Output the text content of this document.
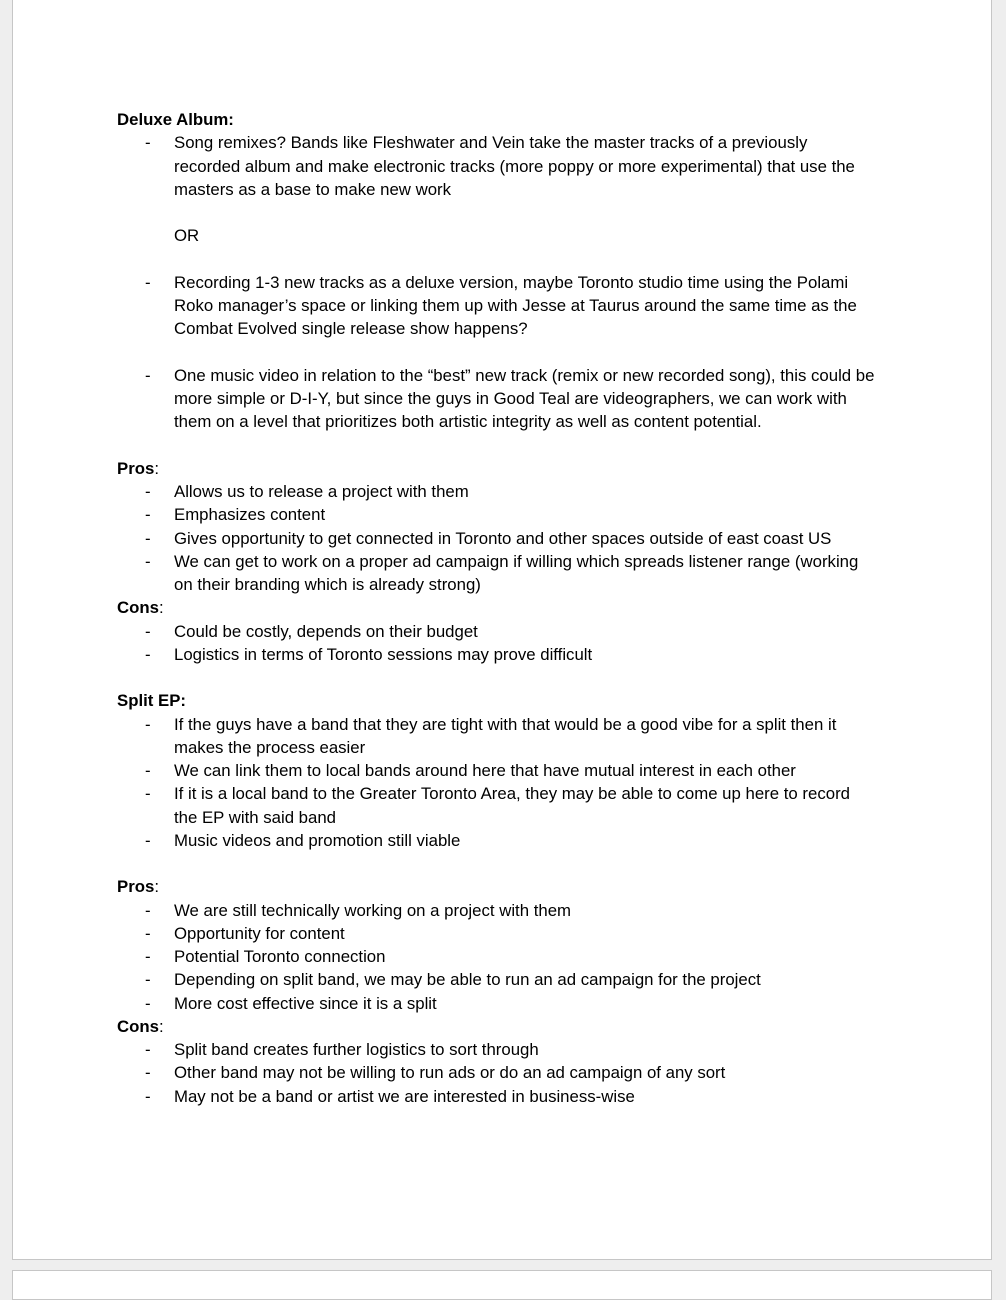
Deluxe Album:
- Song remixes? Bands like Fleshwater and Vein take the master tracks of a previously recorded album and make electronic tracks (more poppy or more experimental) that use the masters as a base to make new work
OR
- Recording 1-3 new tracks as a deluxe version, maybe Toronto studio time using the Polami Roko manager’s space or linking them up with Jesse at Taurus around the same time as the Combat Evolved single release show happens?
- One music video in relation to the “best” new track (remix or new recorded song), this could be more simple or D-I-Y, but since the guys in Good Teal are videographers, we can work with them on a level that prioritizes both artistic integrity as well as content potential.
Pros:
- Allows us to release a project with them
- Emphasizes content
- Gives opportunity to get connected in Toronto and other spaces outside of east coast US
- We can get to work on a proper ad campaign if willing which spreads listener range (working on their branding which is already strong)
Cons:
- Could be costly, depends on their budget
- Logistics in terms of Toronto sessions may prove difficult
Split EP:
- If the guys have a band that they are tight with that would be a good vibe for a split then it makes the process easier
- We can link them to local bands around here that have mutual interest in each other
- If it is a local band to the Greater Toronto Area, they may be able to come up here to record the EP with said band
- Music videos and promotion still viable
Pros:
- We are still technically working on a project with them
- Opportunity for content
- Potential Toronto connection
- Depending on split band, we may be able to run an ad campaign for the project
- More cost effective since it is a split
Cons:
- Split band creates further logistics to sort through
- Other band may not be willing to run ads or do an ad campaign of any sort
- May not be a band or artist we are interested in business-wise
